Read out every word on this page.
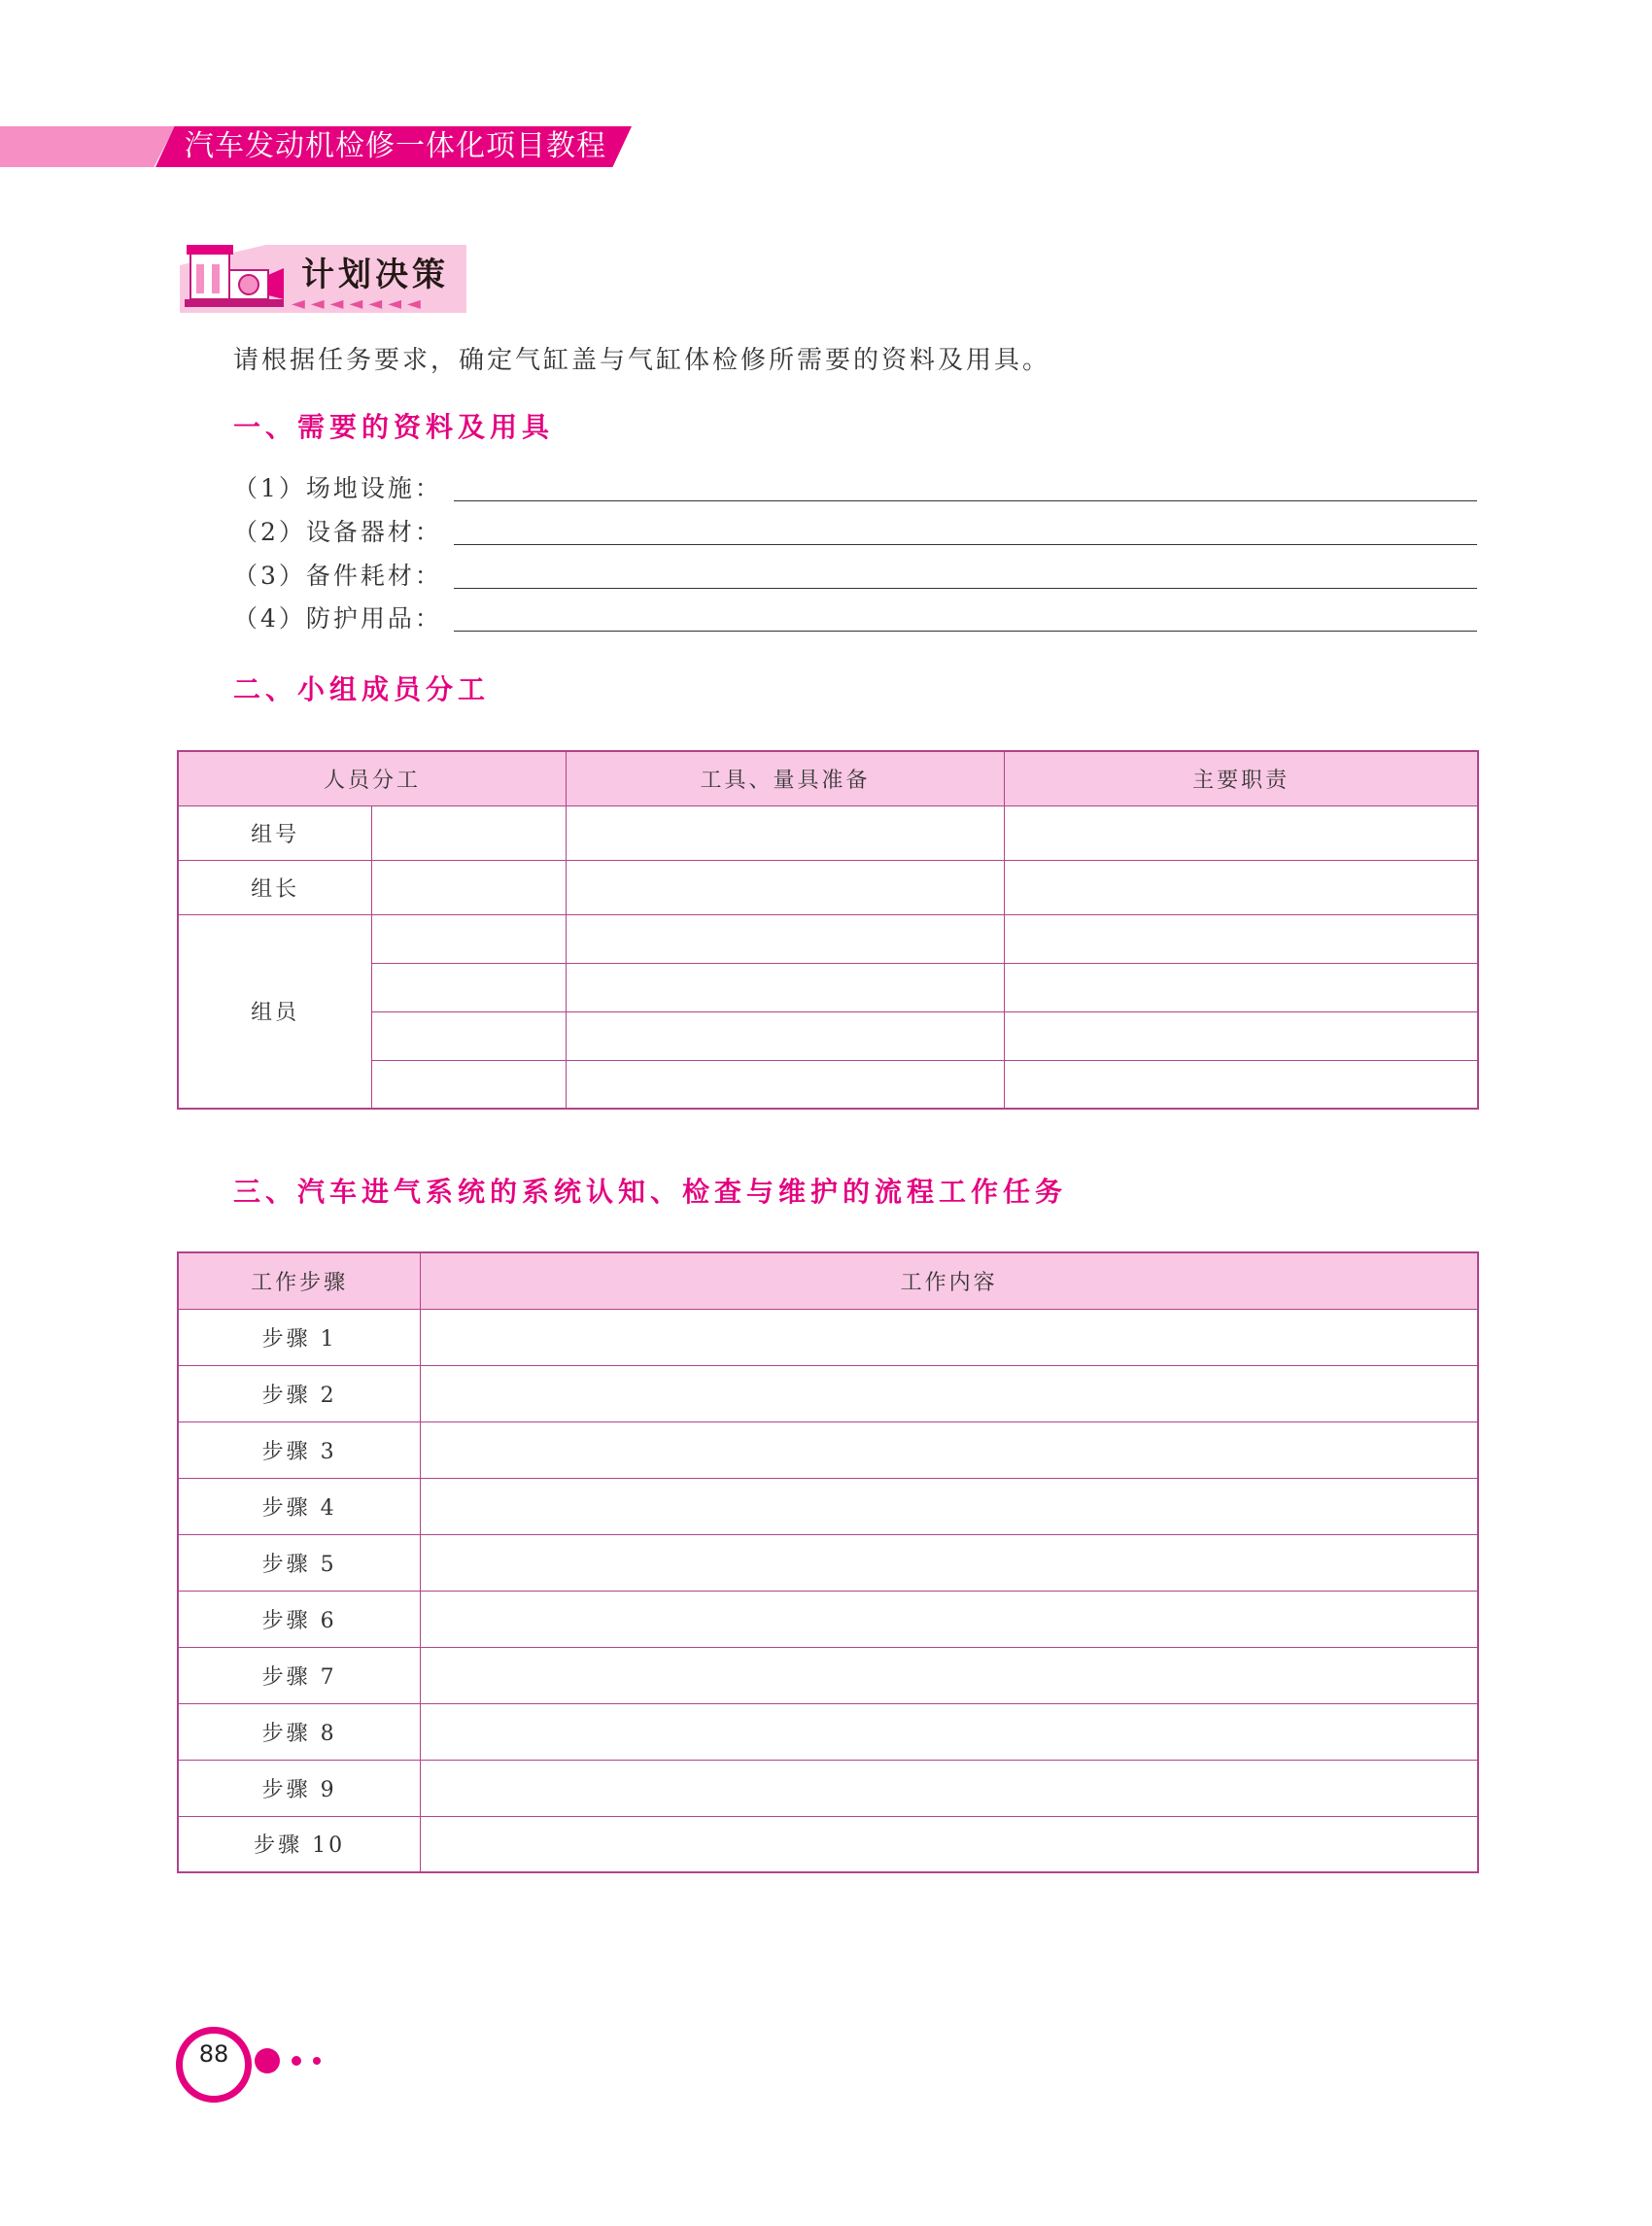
汽车发动机检修一体化项目教程
计划决策
◄◄◄◄◄◄◄
请根据任务要求，确定气缸盖与气缸体检修所需要的资料及用具。
一、需要的资料及用具
（1）场地设施：
（2）设备器材：
（3）备件耗材：
（4）防护用品：
二、小组成员分工
人员分工		工具、量具准备	主要职责
组号			
组长			
组员			

三、汽车进气系统的系统认知、检查与维护的流程工作任务
工作步骤	工作内容
步骤 1	
步骤 2	
步骤 3	
步骤 4	
步骤 5	
步骤 6	
步骤 7	
步骤 8	
步骤 9	
步骤 10	
88
